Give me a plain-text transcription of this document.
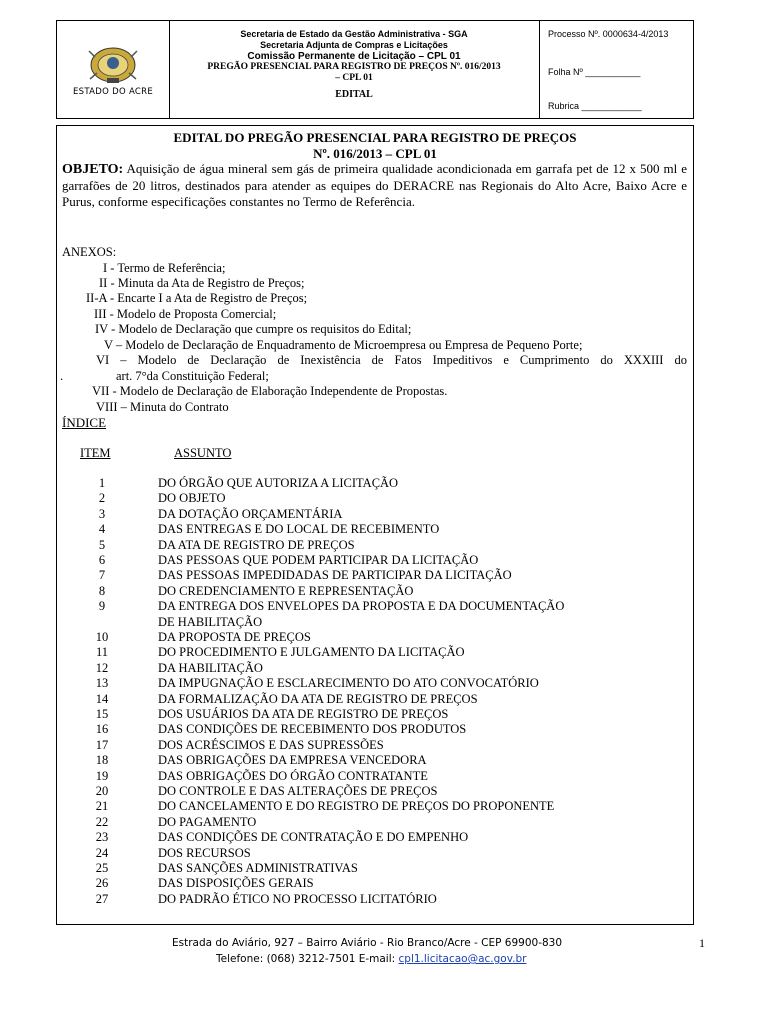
ESTADO DO ACRE
Secretaria de Estado da Gestão Administrativa - SGA
Secretaria Adjunta de Compras e Licitações
Comissão Permanente de Licitação – CPL 01
PREGÃO PRESENCIAL PARA REGISTRO DE PREÇOS Nº. 016/2013
– CPL 01
EDITAL
Processo Nº. 0000634-4/2013
Folha Nº ___________
Rubrica ____________
EDITAL DO PREGÃO PRESENCIAL PARA REGISTRO DE PREÇOS
Nº. 016/2013 – CPL 01
OBJETO: Aquisição de água mineral sem gás de primeira qualidade acondicionada em garrafa pet de 12 x 500 ml e garrafões de 20 litros, destinados para atender as equipes do DERACRE nas Regionais do Alto Acre, Baixo Acre e Purus, conforme especificações constantes no Termo de Referência.
ANEXOS:
I - Termo de Referência;
II - Minuta da Ata de Registro de Preços;
II-A - Encarte I a Ata de Registro de Preços;
III - Modelo de Proposta Comercial;
IV - Modelo de Declaração que cumpre os requisitos do Edital;
V – Modelo de Declaração de Enquadramento de Microempresa ou Empresa de Pequeno Porte;
VI – Modelo de Declaração de Inexistência de Fatos Impeditivos e Cumprimento do XXXIII do
.	art. 7°da Constituição Federal;
VII - Modelo de Declaração de Elaboração Independente de Propostas.
VIII – Minuta do Contrato
ÍNDICE
ITEM	ASSUNTO
1	DO ÓRGÃO QUE AUTORIZA A LICITAÇÃO
2	DO OBJETO
3	DA DOTAÇÃO ORÇAMENTÁRIA
4	DAS ENTREGAS E DO LOCAL DE RECEBIMENTO
5	DA ATA DE REGISTRO DE PREÇOS
6	DAS PESSOAS QUE PODEM PARTICIPAR DA LICITAÇÃO
7	DAS PESSOAS IMPEDIDADAS DE PARTICIPAR DA LICITAÇÃO
8	DO CREDENCIAMENTO E REPRESENTAÇÃO
9	DA ENTREGA DOS ENVELOPES DA PROPOSTA E DA DOCUMENTAÇÃO
DE HABILITAÇÃO
10	DA PROPOSTA DE PREÇOS
11	DO PROCEDIMENTO E JULGAMENTO DA LICITAÇÃO
12	DA HABILITAÇÃO
13	DA IMPUGNAÇÃO E ESCLARECIMENTO DO ATO CONVOCATÓRIO
14	DA FORMALIZAÇÃO DA ATA DE REGISTRO DE PREÇOS
15	DOS USUÁRIOS DA ATA DE REGISTRO DE PREÇOS
16	DAS CONDIÇÕES DE RECEBIMENTO DOS PRODUTOS
17	DOS ACRÉSCIMOS E DAS SUPRESSÕES
18	DAS OBRIGAÇÕES DA EMPRESA VENCEDORA
19	DAS OBRIGAÇÕES DO ÓRGÃO CONTRATANTE
20	DO CONTROLE E DAS ALTERAÇÕES DE PREÇOS
21	DO CANCELAMENTO E DO REGISTRO DE PREÇOS DO PROPONENTE
22	DO PAGAMENTO
23	DAS CONDIÇÕES DE CONTRATAÇÃO E DO EMPENHO
24	DOS RECURSOS
25	DAS SANÇÕES ADMINISTRATIVAS
26	DAS DISPOSIÇÕES GERAIS
27	DO PADRÃO ÉTICO NO PROCESSO LICITATÓRIO
Estrada do Aviário, 927 – Bairro Aviário - Rio Branco/Acre - CEP 69900-830
Telefone: (068) 3212-7501 E-mail: cpl1.licitacao@ac.gov.br
1
